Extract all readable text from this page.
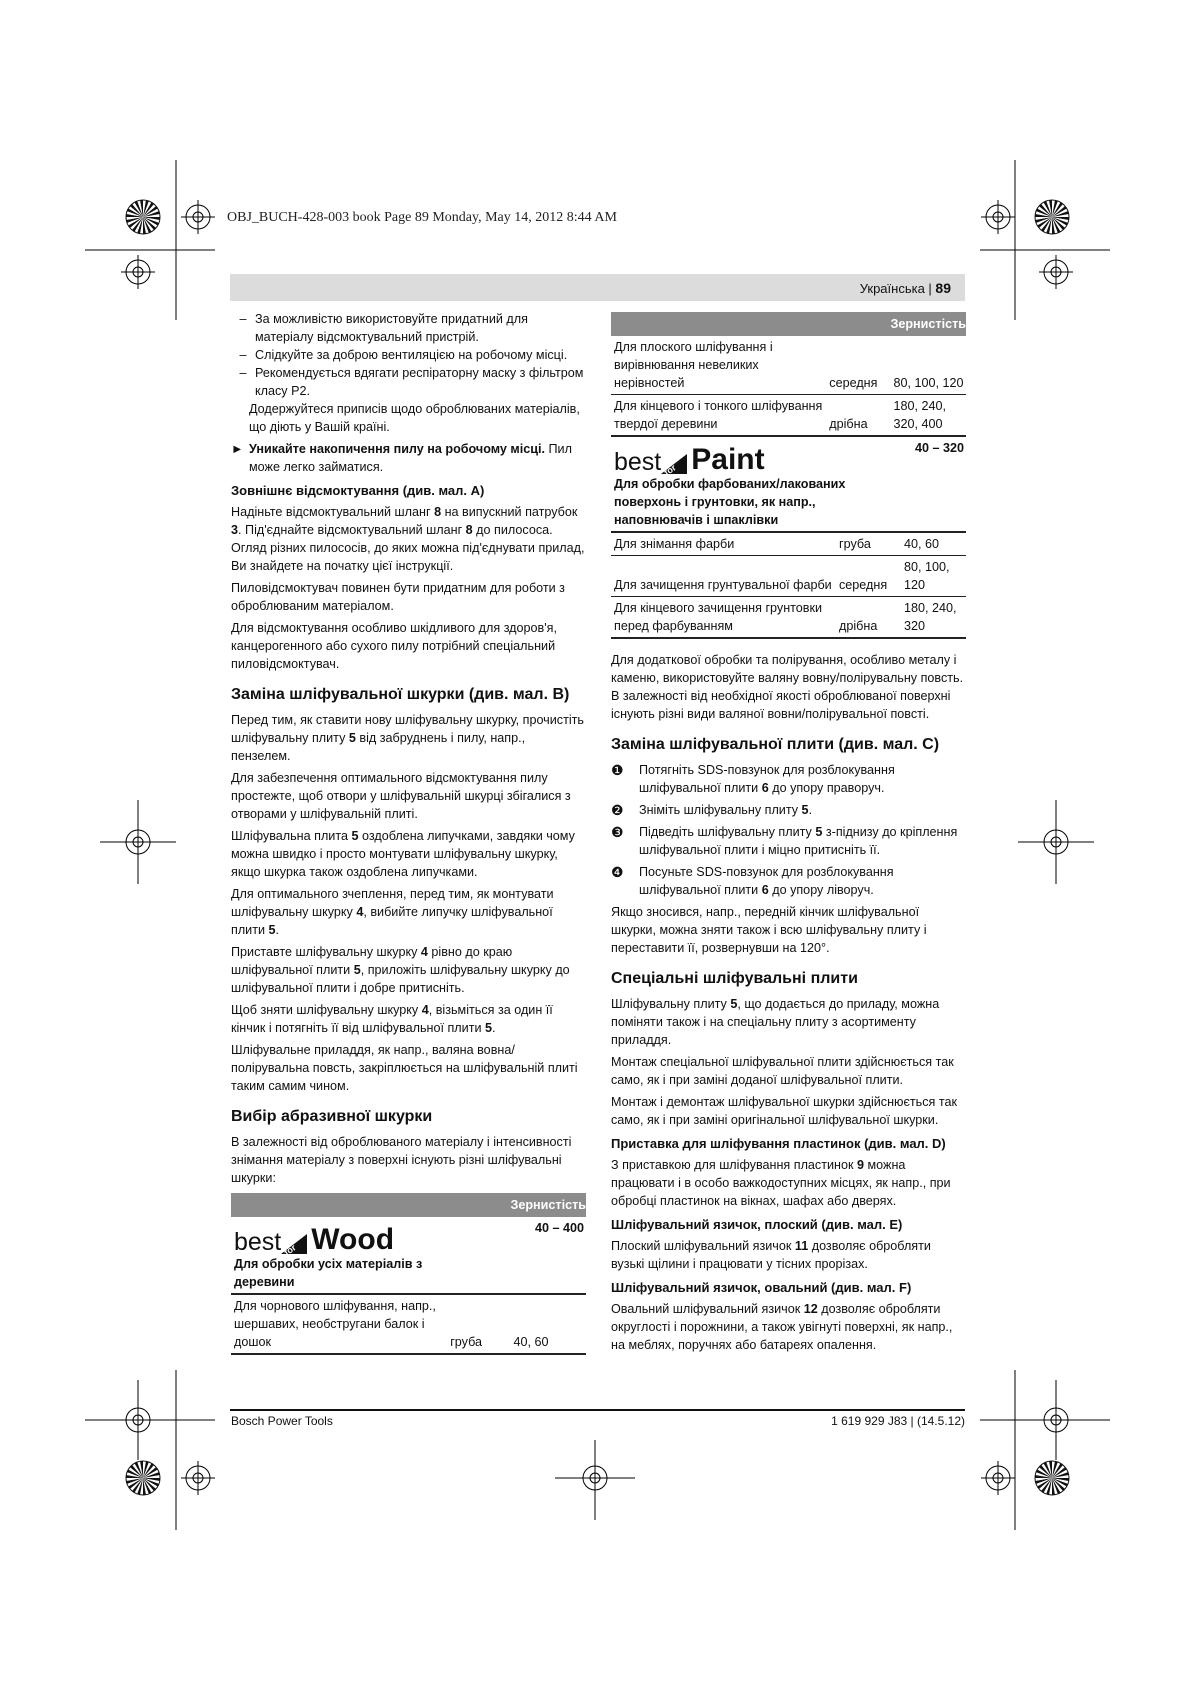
OBJ_BUCH-428-003 book Page 89 Monday, May 14, 2012 8:44 AM
Українська | 89
– За можливістю використовуйте придатний для матеріалу відсмоктувальний пристрій.
– Слідкуйте за доброю вентиляцією на робочому місці.
– Рекомендується вдягати респіраторну маску з фільтром класу Р2.

Додержуйтеся приписів щодо оброблюваних матеріалів, що діють у Вашій країні.

► Уникайте накопичення пилу на робочому місці. Пил може легко займатися.
Зовнішнє відсмоктування (див. мал. А)

Надіньте відсмоктувальний шланг 8 на випускний патрубок 3. Під'єднайте відсмоктувальний шланг 8 до пилососа. Огляд різних пилососів, до яких можна під'єднувати прилад, Ви знайдете на початку цієї інструкції.

Пиловідсмоктувач повинен бути придатним для роботи з оброблюваним матеріалом.

Для відсмоктування особливо шкідливого для здоров'я, канцерогенного або сухого пилу потрібний спеціальний пиловідсмоктувач.

Заміна шліфувальної шкурки (див. мал. В)

Перед тим, як ставити нову шліфувальну шкурку, прочистіть шліфувальну плиту 5 від забруднень і пилу, напр., пензелем.

Для забезпечення оптимального відсмоктування пилу простежте, щоб отвори у шліфувальній шкурці збігалися з отворами у шліфувальній плиті.

Шліфувальна плита 5 оздоблена липучками, завдяки чому можна швидко і просто монтувати шліфувальну шкурку, якщо шкурка також оздоблена липучками.

Для оптимального зчеплення, перед тим, як монтувати шліфувальну шкурку 4, вибийте липучку шліфувальної плити 5.

Приставте шліфувальну шкурку 4 рівно до краю шліфувальної плити 5, приложіть шліфувальну шкурку до шліфувальної плити і добре притисніть.

Щоб зняти шліфувальну шкурку 4, візьміться за один її кінчик і потягніть її від шліфувальної плити 5.

Шліфувальне приладдя, як напр., валяна вовна/полірувальна повсть, закріплюється на шліфувальній плиті таким самим чином.

Вибір абразивної шкурки

В залежності від оброблюваного матеріалу і інтенсивності знімання матеріалу з поверхні існують різні шліфувальні шкурки:

		Зернистість

best for Wood
Для обробки усіх матеріалів з деревини		40 – 400
Для чорнового шліфування, напр., шершавих, необстругани балок і дошок	груба	40, 60
		Зернистість
Для плоского шліфування і вирівнювання невеликих нерівностей	середня	80, 100, 120
Для кінцевого і тонкого шліфування твердої деревини	дрібна	180, 240, 320, 400
best for Paint
Для обробки фарбованих/лакованих поверхонь і грунтовки, як напр., наповнювачів і шпаклівки		40 – 320
Для знімання фарби	груба	40, 60
Для зачищення грунтувальної фарби	середня	80, 100, 120
Для кінцевого зачищення грунтовки перед фарбуванням	дрібна	180, 240, 320

Для додаткової обробки та полірування, особливо металу і каменю, використовуйте валяну вовну/полірувальну повсть. В залежності від необхідної якості оброблюваної поверхні існують різні види валяної вовни/полірувальної повсті.

Заміна шліфувальної плити (див. мал. С)
❶	Потягніть SDS-повзунок для розблокування шліфувальної плити 6 до упору праворуч.
❷	Зніміть шліфувальну плиту 5.
❸	Підведіть шліфувальну плиту 5 з-піднизу до кріплення шліфувальної плити і міцно притисніть її.
❹	Посуньте SDS-повзунок для розблокування шліфувальної плити 6 до упору ліворуч.

Якщо зносився, напр., передній кінчик шліфувальної шкурки, можна зняти також і всю шліфувальну плиту і переставити її, розвернувши на 120°.

Спеціальні шліфувальні плити

Шліфувальну плиту 5, що додається до приладу, можна поміняти також і на спеціальну плиту з асортименту приладдя.

Монтаж спеціальної шліфувальної плити здійснюється так само, як і при заміні доданої шліфувальної плити.

Монтаж і демонтаж шліфувальної шкурки здійснюється так само, як і при заміні оригінальної шліфувальної шкурки.

Приставка для шліфування пластинок (див. мал. D)

З приставкою для шліфування пластинок 9 можна працювати і в особо важкодоступних місцях, як напр., при обробці пластинок на вікнах, шафах або дверях.

Шліфувальний язичок, плоский (див. мал. Е)

Плоский шліфувальний язичок 11 дозволяє обробляти вузькі щілини і працювати у тісних прорізах.

Шліфувальний язичок, овальний (див. мал. F)

Овальний шліфувальний язичок 12 дозволяє обробляти округлості і порожнини, а також увігнуті поверхні, як напр., на меблях, поручнях або батареях опалення.

Bosch Power Tools	1 619 929 J83 | (14.5.12)
